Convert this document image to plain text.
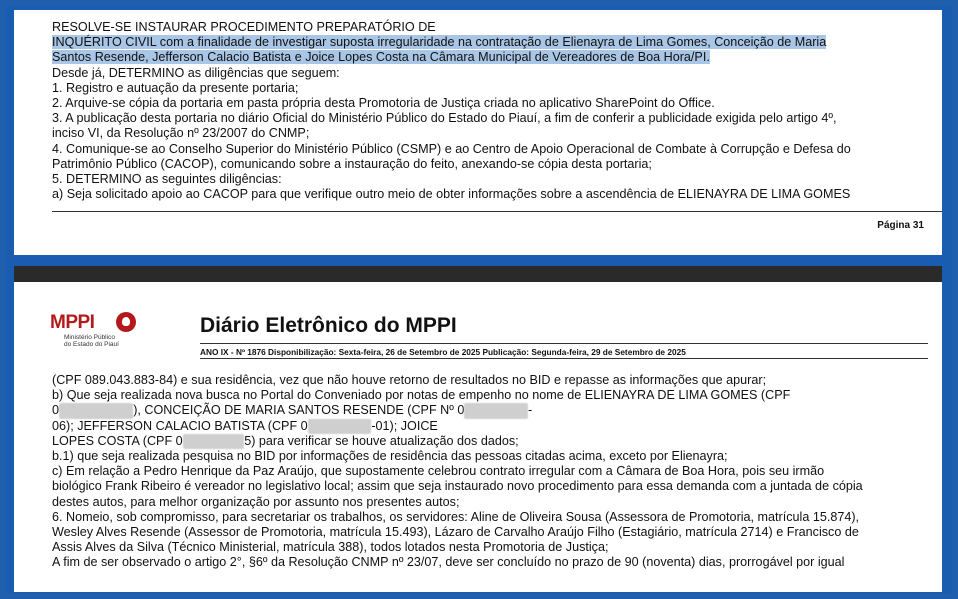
RESOLVE-SE INSTAURAR PROCEDIMENTO PREPARATÓRIO DE
INQUÉRITO CIVIL com a finalidade de investigar suposta irregularidade na contratação de Elienayra de Lima Gomes, Conceição de Maria
Santos Resende, Jefferson Calacio Batista e Joice Lopes Costa na Câmara Municipal de Vereadores de Boa Hora/PI.
Desde já, DETERMINO as diligências que seguem:
1. Registro e autuação da presente portaria;
2. Arquive-se cópia da portaria em pasta própria desta Promotoria de Justiça criada no aplicativo SharePoint do Office.
3. A publicação desta portaria no diário Oficial do Ministério Público do Estado do Piauí, a fim de conferir a publicidade exigida pelo artigo 4º,
inciso VI, da Resolução nº 23/2007 do CNMP;
4. Comunique-se ao Conselho Superior do Ministério Público (CSMP) e ao Centro de Apoio Operacional de Combate à Corrupção e Defesa do
Patrimônio Público (CACOP), comunicando sobre a instauração do feito, anexando-se cópia desta portaria;
5. DETERMINO as seguintes diligências:
a) Seja solicitado apoio ao CACOP para que verifique outro meio de obter informações sobre a ascendência de ELIENAYRA DE LIMA GOMES
Página 31
MPPI
Ministério Público
do Estado do Piauí
Diário Eletrônico do MPPI
ANO IX - Nº 1876 Disponibilização: Sexta-feira, 26 de Setembro de 2025 Publicação: Segunda-feira, 29 de Setembro de 2025
(CPF 089.043.883-84) e sua residência, vez que não houve retorno de resultados no BID e repasse as informações que apurar;
b) Que seja realizada nova busca no Portal do Conveniado por notas de empenho no nome de ELIENAYRA DE LIMA GOMES (CPF
0	), CONCEIÇÃO DE MARIA SANTOS RESENDE (CPF Nº 0	-
06); JEFFERSON CALACIO BATISTA (CPF 0	-01); JOICE
LOPES COSTA (CPF 0	5) para verificar se houve atualização dos dados;
b.1) que seja realizada pesquisa no BID por informações de residência das pessoas citadas acima, exceto por Elienayra;
c) Em relação a Pedro Henrique da Paz Araújo, que supostamente celebrou contrato irregular com a Câmara de Boa Hora, pois seu irmão
biológico Frank Ribeiro é vereador no legislativo local; assim que seja instaurado novo procedimento para essa demanda com a juntada de cópia
destes autos, para melhor organização por assunto nos presentes autos;
6. Nomeio, sob compromisso, para secretariar os trabalhos, os servidores: Aline de Oliveira Sousa (Assessora de Promotoria, matrícula 15.874),
Wesley Alves Resende (Assessor de Promotoria, matrícula 15.493), Lázaro de Carvalho Araújo Filho (Estagiário, matrícula 2714) e Francisco de
Assis Alves da Silva (Técnico Ministerial, matrícula 388), todos lotados nesta Promotoria de Justiça;
A fim de ser observado o artigo 2°, §6º da Resolução CNMP nº 23/07, deve ser concluído no prazo de 90 (noventa) dias, prorrogável por igual
